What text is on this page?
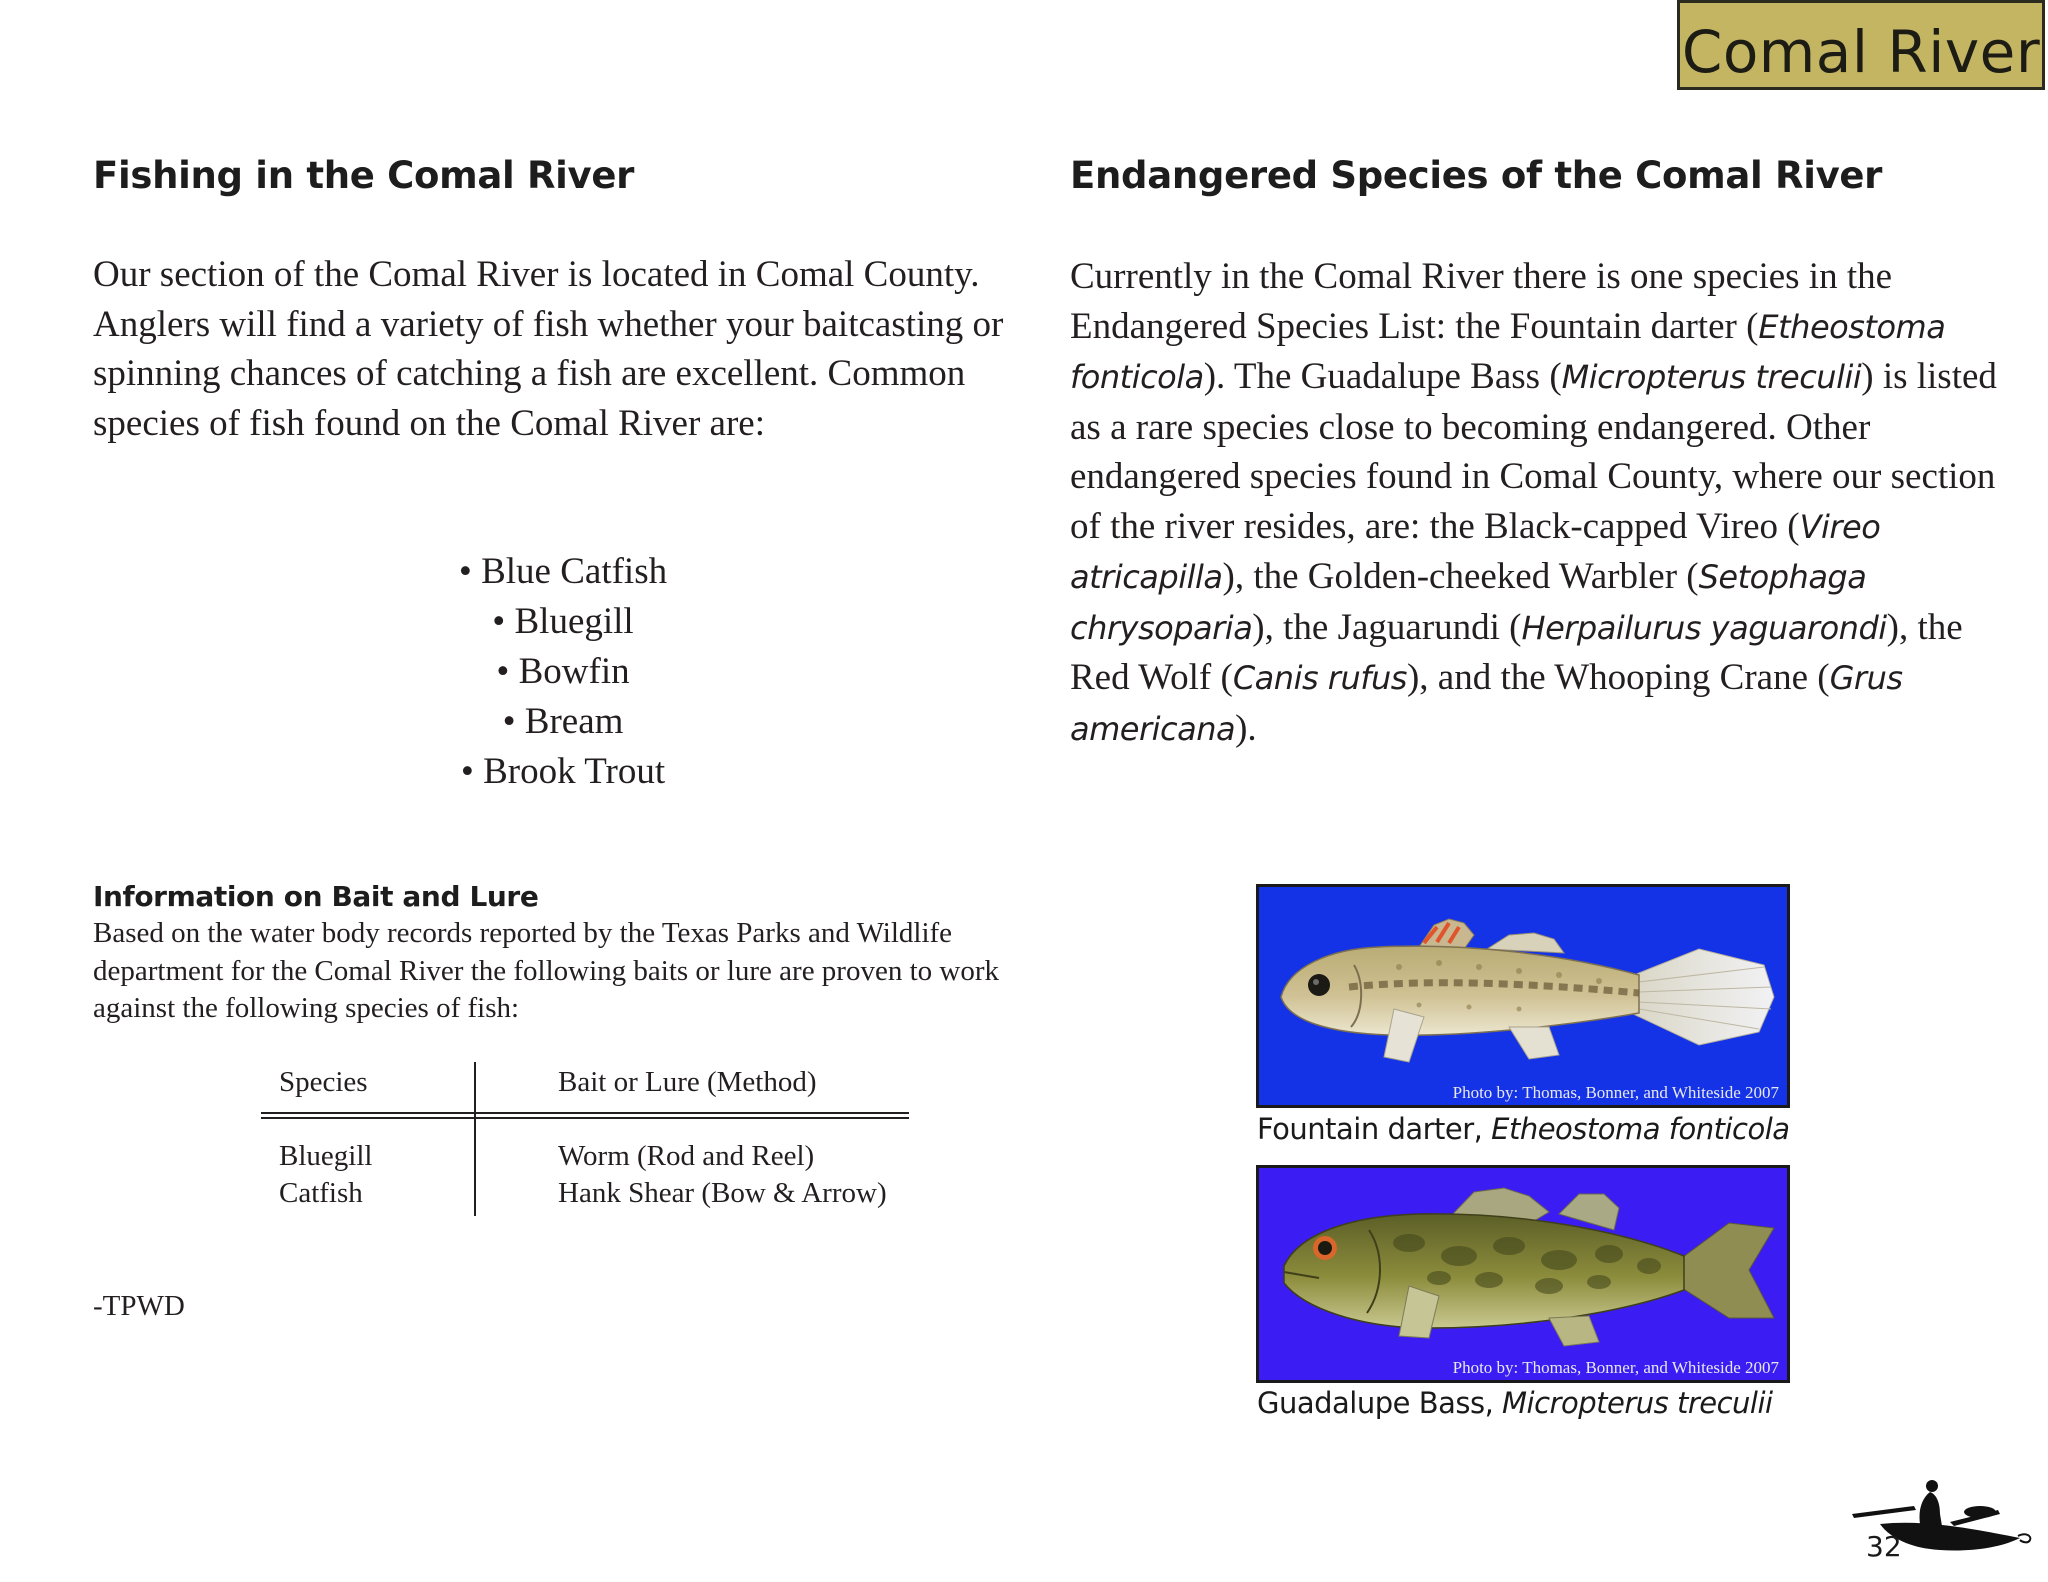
Comal River
Fishing in the Comal River

Our section of the Comal River is located in Comal County. Anglers will find a variety of fish whether your baitcasting or spinning chances of catching a fish are excellent. Common species of fish found on the Comal River are:

• Blue Catfish
• Bluegill
• Bowfin
• Bream
• Brook Trout
Information on Bait and Lure
Based on the water body records reported by the Texas Parks and Wildlife department for the Comal River the following baits or lure are proven to work against the following species of fish:
Species	Bait or Lure (Method)
Bluegill	Worm (Rod and Reel)
Catfish	Hank Shear (Bow & Arrow)
-TPWD
Endangered Species of the Comal River

Currently in the Comal River there is one species in the Endangered Species List: the Fountain darter (Etheostoma fonticola). The Guadalupe Bass (Micropterus treculii) is listed as a rare species close to becoming endangered. Other endangered species found in Comal County, where our section of the river resides, are: the Black-capped Vireo (Vireo atricapilla), the Golden-cheeked Warbler (Setophaga chrysoparia), the Jaguarundi (Herpailurus yaguarondi), the Red Wolf (Canis rufus), and the Whooping Crane (Grus americana).

Photo by: Thomas, Bonner, and Whiteside 2007
Fountain darter, Etheostoma fonticola
Photo by: Thomas, Bonner, and Whiteside 2007
Guadalupe Bass, Micropterus treculii
32
